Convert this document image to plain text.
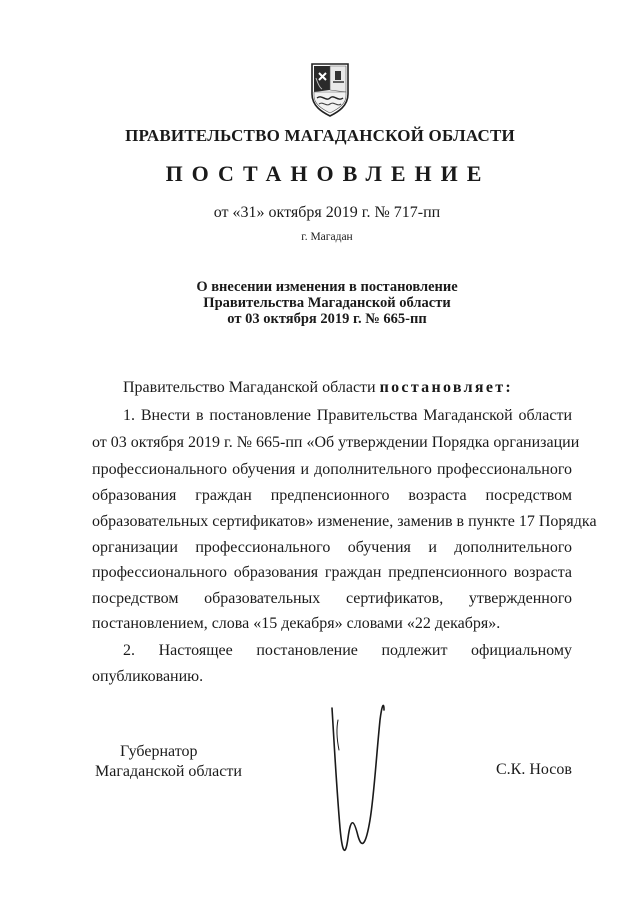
ПРАВИТЕЛЬСТВО МАГАДАНСКОЙ ОБЛАСТИ
ПОСТАНОВЛЕНИЕ
от «31» октября 2019 г. № 717-пп
г. Магадан
О внесении изменения в постановление
Правительства Магаданской области
от 03 октября 2019 г. № 665-пп
Правительство Магаданской области постановляет:
1. Внести в постановление Правительства Магаданской области
от 03 октября 2019 г. № 665-пп «Об утверждении Порядка организации
профессионального обучения и дополнительного профессионального
образования граждан предпенсионного возраста посредством
образовательных сертификатов» изменение, заменив в пункте 17 Порядка
организации профессионального обучения и дополнительного
профессионального образования граждан предпенсионного возраста
посредством образовательных сертификатов, утвержденного
постановлением, слова «15 декабря» словами «22 декабря».
2. Настоящее постановление подлежит официальному
опубликованию.
Губернатор
Магаданской области	С.К. Носов
